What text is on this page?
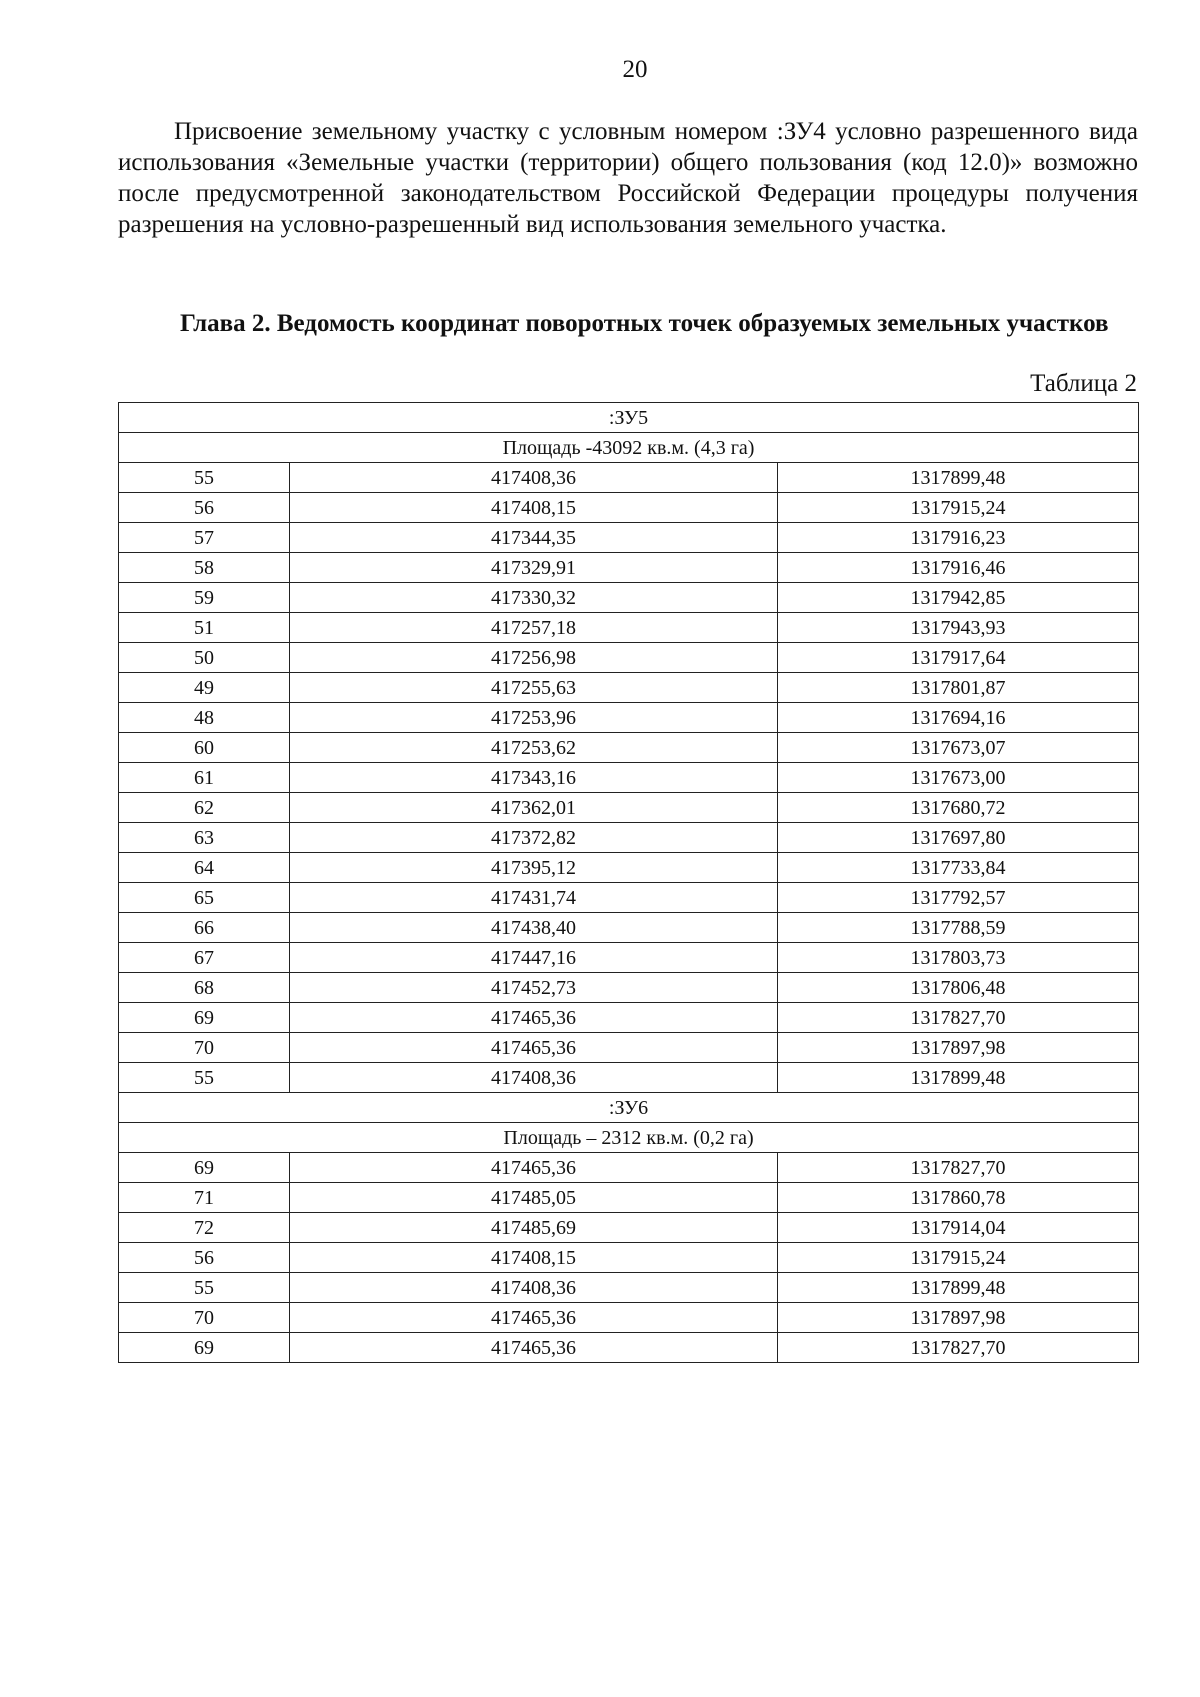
20

Присвоение земельному участку с условным номером :ЗУ4 условно разрешенного вида использования «Земельные участки (территории) общего пользования (код 12.0)» возможно после предусмотренной законодательством Российской Федерации процедуры получения разрешения на условно-разрешенный вид использования земельного участка.

Глава 2. Ведомость координат поворотных точек образуемых земельных участков

Таблица 2
:ЗУ5		
Площадь -43092 кв.м. (4,3 га)		
55	417408,36	1317899,48
56	417408,15	1317915,24
57	417344,35	1317916,23
58	417329,91	1317916,46
59	417330,32	1317942,85
51	417257,18	1317943,93
50	417256,98	1317917,64
49	417255,63	1317801,87
48	417253,96	1317694,16
60	417253,62	1317673,07
61	417343,16	1317673,00
62	417362,01	1317680,72
63	417372,82	1317697,80
64	417395,12	1317733,84
65	417431,74	1317792,57
66	417438,40	1317788,59
67	417447,16	1317803,73
68	417452,73	1317806,48
69	417465,36	1317827,70
70	417465,36	1317897,98
55	417408,36	1317899,48
:ЗУ6		
Площадь – 2312 кв.м. (0,2 га)		
69	417465,36	1317827,70
71	417485,05	1317860,78
72	417485,69	1317914,04
56	417408,15	1317915,24
55	417408,36	1317899,48
70	417465,36	1317897,98
69	417465,36	1317827,70
